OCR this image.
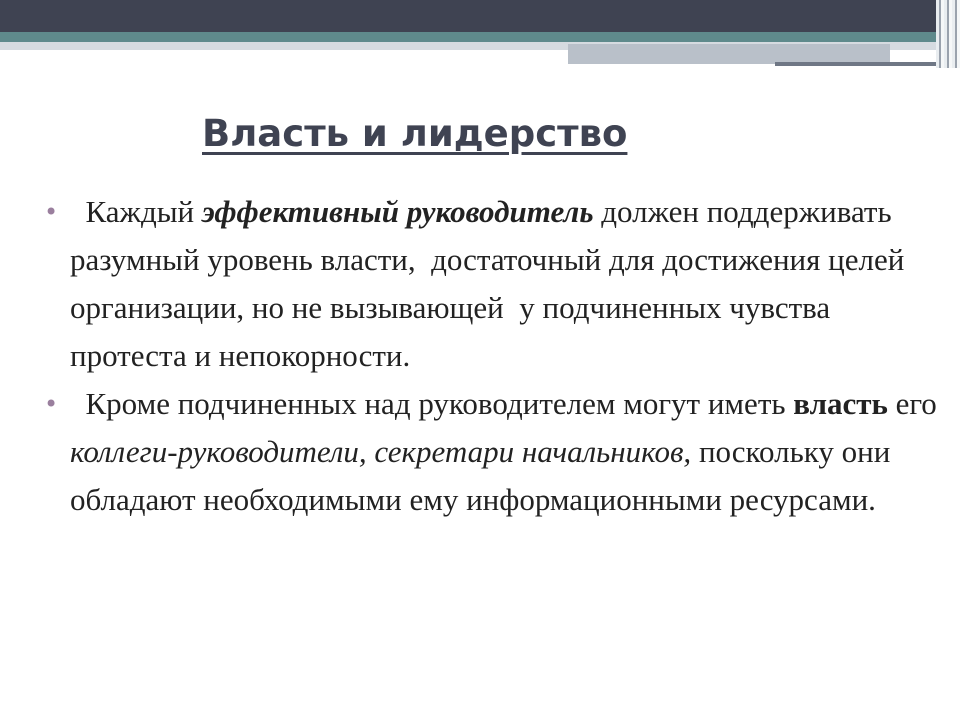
Власть и лидерство
• Каждый эффективный руководитель должен поддерживать разумный уровень власти,  достаточный для достижения целей организации, но не вызывающей  у подчиненных чувства протеста и непокорности.
• Кроме подчиненных над руководителем могут иметь власть его коллеги-руководители, секретари начальников, поскольку они обладают необходимыми ему информационными ресурсами.
